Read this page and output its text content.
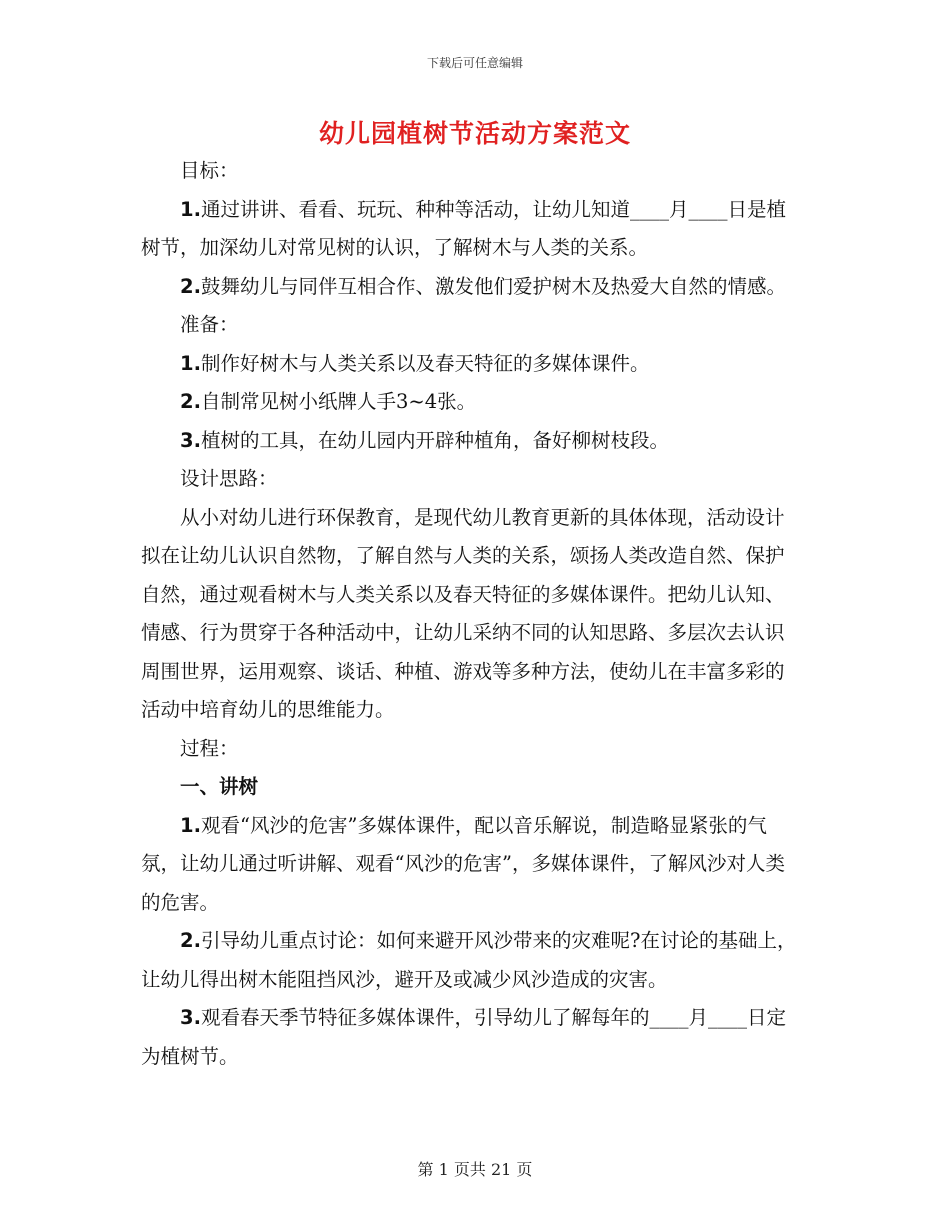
下载后可任意编辑
幼儿园植树节活动方案范文

目标：

1.通过讲讲、看看、玩玩、种种等活动，让幼儿知道____月____日是植树节，加深幼儿对常见树的认识，了解树木与人类的关系。

2.鼓舞幼儿与同伴互相合作、激发他们爱护树木及热爱大自然的情感。

准备：

1.制作好树木与人类关系以及春天特征的多媒体课件。

2.自制常见树小纸牌人手3~4张。

3.植树的工具，在幼儿园内开辟种植角，备好柳树枝段。

设计思路：

从小对幼儿进行环保教育，是现代幼儿教育更新的具体体现，活动设计拟在让幼儿认识自然物，了解自然与人类的关系，颂扬人类改造自然、保护自然，通过观看树木与人类关系以及春天特征的多媒体课件。把幼儿认知、情感、行为贯穿于各种活动中，让幼儿采纳不同的认知思路、多层次去认识周围世界，运用观察、谈话、种植、游戏等多种方法，使幼儿在丰富多彩的活动中培育幼儿的思维能力。

过程：

一、讲树

1.观看“风沙的危害”多媒体课件，配以音乐解说，制造略显紧张的气氛，让幼儿通过听讲解、观看“风沙的危害”，多媒体课件，了解风沙对人类的危害。

2.引导幼儿重点讨论：如何来避开风沙带来的灾难呢?在讨论的基础上，让幼儿得出树木能阻挡风沙，避开及或减少风沙造成的灾害。

3.观看春天季节特征多媒体课件，引导幼儿了解每年的____月____日定为植树节。

第 1 页共 21 页
